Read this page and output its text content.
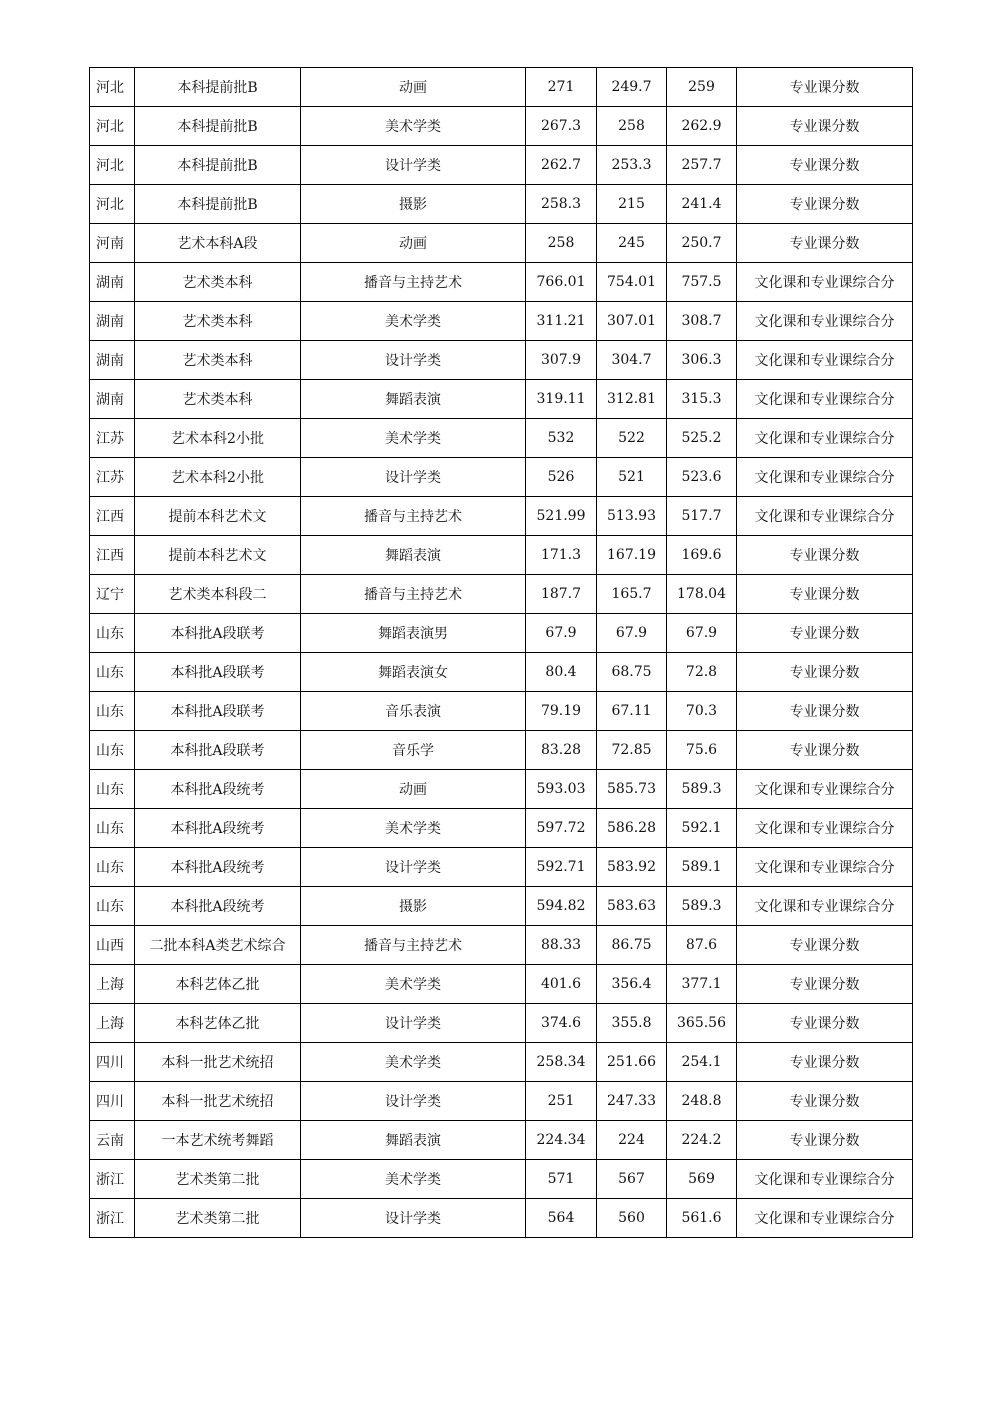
河北	本科提前批B	动画	271	249.7	259	专业课分数
河北	本科提前批B	美术学类	267.3	258	262.9	专业课分数
河北	本科提前批B	设计学类	262.7	253.3	257.7	专业课分数
河北	本科提前批B	摄影	258.3	215	241.4	专业课分数
河南	艺术本科A段	动画	258	245	250.7	专业课分数
湖南	艺术类本科	播音与主持艺术	766.01	754.01	757.5	文化课和专业课综合分
湖南	艺术类本科	美术学类	311.21	307.01	308.7	文化课和专业课综合分
湖南	艺术类本科	设计学类	307.9	304.7	306.3	文化课和专业课综合分
湖南	艺术类本科	舞蹈表演	319.11	312.81	315.3	文化课和专业课综合分
江苏	艺术本科2小批	美术学类	532	522	525.2	文化课和专业课综合分
江苏	艺术本科2小批	设计学类	526	521	523.6	文化课和专业课综合分
江西	提前本科艺术文	播音与主持艺术	521.99	513.93	517.7	文化课和专业课综合分
江西	提前本科艺术文	舞蹈表演	171.3	167.19	169.6	专业课分数
辽宁	艺术类本科段二	播音与主持艺术	187.7	165.7	178.04	专业课分数
山东	本科批A段联考	舞蹈表演男	67.9	67.9	67.9	专业课分数
山东	本科批A段联考	舞蹈表演女	80.4	68.75	72.8	专业课分数
山东	本科批A段联考	音乐表演	79.19	67.11	70.3	专业课分数
山东	本科批A段联考	音乐学	83.28	72.85	75.6	专业课分数
山东	本科批A段统考	动画	593.03	585.73	589.3	文化课和专业课综合分
山东	本科批A段统考	美术学类	597.72	586.28	592.1	文化课和专业课综合分
山东	本科批A段统考	设计学类	592.71	583.92	589.1	文化课和专业课综合分
山东	本科批A段统考	摄影	594.82	583.63	589.3	文化课和专业课综合分
山西	二批本科A类艺术综合	播音与主持艺术	88.33	86.75	87.6	专业课分数
上海	本科艺体乙批	美术学类	401.6	356.4	377.1	专业课分数
上海	本科艺体乙批	设计学类	374.6	355.8	365.56	专业课分数
四川	本科一批艺术统招	美术学类	258.34	251.66	254.1	专业课分数
四川	本科一批艺术统招	设计学类	251	247.33	248.8	专业课分数
云南	一本艺术统考舞蹈	舞蹈表演	224.34	224	224.2	专业课分数
浙江	艺术类第二批	美术学类	571	567	569	文化课和专业课综合分
浙江	艺术类第二批	设计学类	564	560	561.6	文化课和专业课综合分
